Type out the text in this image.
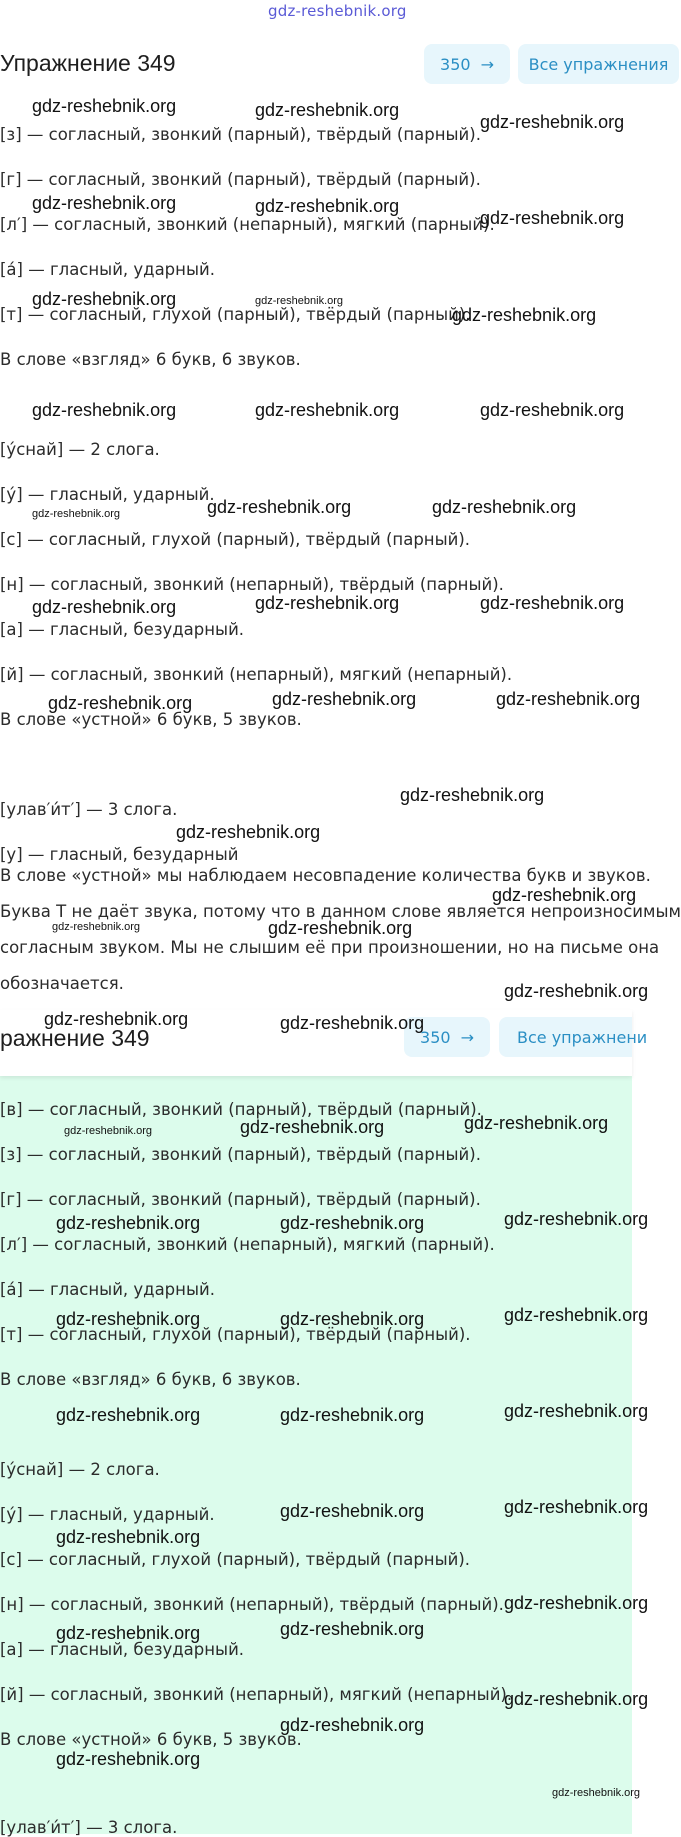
gdz-reshebnik.org
Упражнение 349	350 → Все упражнения
[з] — согласный, звонкий (парный), твёрдый (парный).
[г] — согласный, звонкий (парный), твёрдый (парный).
[л′] — согласный, звонкий (непарный), мягкий (парный).
[а́] — гласный, ударный.
[т] — согласный, глухой (парный), твёрдый (парный).
В слове «взгляд» 6 букв, 6 звуков.
[у́снай] — 2 слога.
[у́] — гласный, ударный.
[с] — согласный, глухой (парный), твёрдый (парный).
[н] — согласный, звонкий (непарный), твёрдый (парный).
[а] — гласный, безударный.
[й] — согласный, звонкий (непарный), мягкий (непарный).
В слове «устной» 6 букв, 5 звуков.
[улав′и́т′] — 3 слога.
[у] — гласный, безударный
В слове «устной» мы наблюдаем несовпадение количества букв и звуков.
Буква Т не даёт звука, потому что в данном слове является непроизносимым
согласным звуком. Мы не слышим её при произношении, но на письме она
обозначается.
ражнение 349	350 →	Все упражнени
[в] — согласный, звонкий (парный), твёрдый (парный).
[з] — согласный, звонкий (парный), твёрдый (парный).
[г] — согласный, звонкий (парный), твёрдый (парный).
[л′] — согласный, звонкий (непарный), мягкий (парный).
[а́] — гласный, ударный.
[т] — согласный, глухой (парный), твёрдый (парный).
В слове «взгляд» 6 букв, 6 звуков.
[у́снай] — 2 слога.
[у́] — гласный, ударный.
[с] — согласный, глухой (парный), твёрдый (парный).
[н] — согласный, звонкий (непарный), твёрдый (парный).
[а] — гласный, безударный.
[й] — согласный, звонкий (непарный), мягкий (непарный).
В слове «устной» 6 букв, 5 звуков.
[улав′и́т′] — 3 слога.
gdz-reshebnik.org	gdz-reshebnik.org
gdz-reshebnik.org
gdz-reshebnik.org	gdz-reshebnik.org
gdz-reshebnik.org
gdz-reshebnik.org	gdz-reshebnik.org
gdz-reshebnik.org
gdz-reshebnik.org	gdz-reshebnik.org	gdz-reshebnik.org
gdz-reshebnik.org	gdz-reshebnik.org	gdz-reshebnik.org
gdz-reshebnik.org	gdz-reshebnik.org	gdz-reshebnik.org
gdz-reshebnik.org	gdz-reshebnik.org	gdz-reshebnik.org
gdz-reshebnik.org
gdz-reshebnik.org
gdz-reshebnik.org
gdz-reshebnik.org	gdz-reshebnik.org
gdz-reshebnik.org
gdz-reshebnik.org	gdz-reshebnik.org
gdz-reshebnik.org	gdz-reshebnik.org	gdz-reshebnik.org
gdz-reshebnik.org	gdz-reshebnik.org	gdz-reshebnik.org
gdz-reshebnik.org	gdz-reshebnik.org	gdz-reshebnik.org
gdz-reshebnik.org	gdz-reshebnik.org	gdz-reshebnik.org
gdz-reshebnik.org	gdz-reshebnik.org
gdz-reshebnik.org
gdz-reshebnik.org	gdz-reshebnik.org
gdz-reshebnik.org
gdz-reshebnik.org
gdz-reshebnik.org
gdz-reshebnik.org
gdz-reshebnik.org
